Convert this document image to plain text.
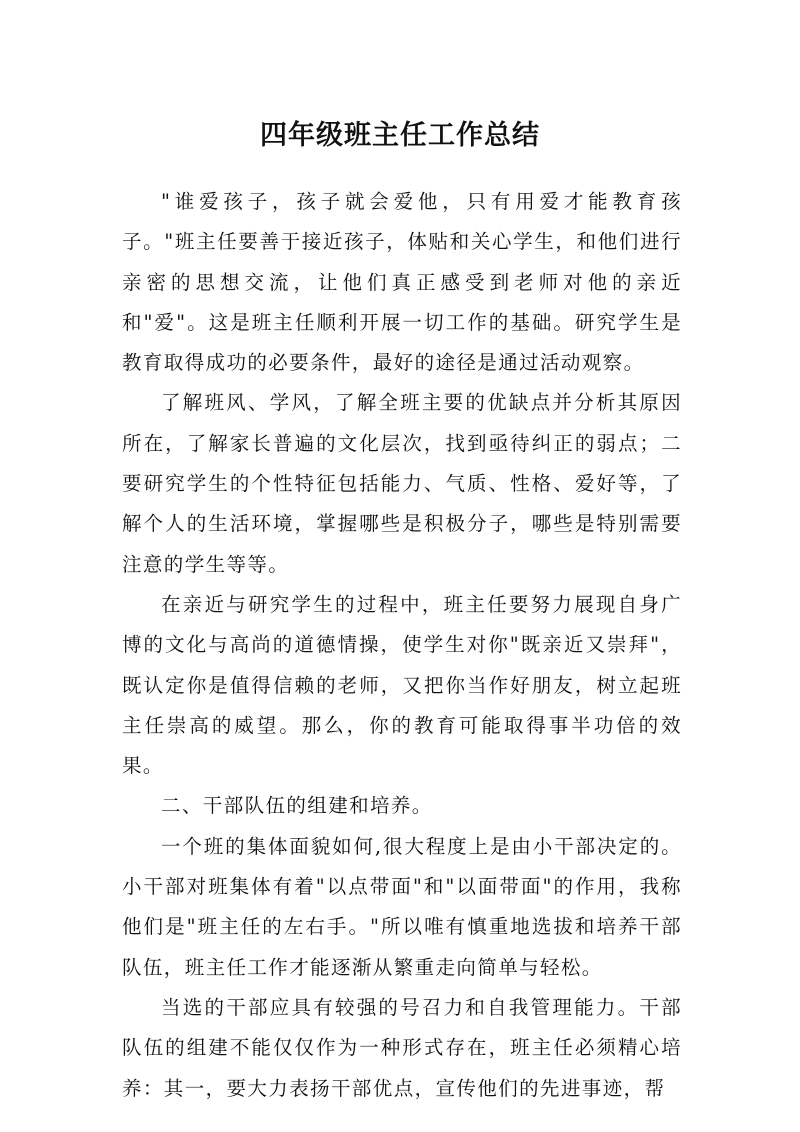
四年级班主任工作总结

"谁爱孩子，孩子就会爱他，只有用爱才能教育孩子。"班主任要善于接近孩子，体贴和关心学生，和他们进行亲密的思想交流，让他们真正感受到老师对他的亲近和"爱"。这是班主任顺利开展一切工作的基础。研究学生是教育取得成功的必要条件，最好的途径是通过活动观察。

了解班风、学风，了解全班主要的优缺点并分析其原因所在，了解家长普遍的文化层次，找到亟待纠正的弱点；二要研究学生的个性特征包括能力、气质、性格、爱好等，了解个人的生活环境，掌握哪些是积极分子，哪些是特别需要注意的学生等等。

在亲近与研究学生的过程中，班主任要努力展现自身广博的文化与高尚的道德情操，使学生对你"既亲近又崇拜"，既认定你是值得信赖的老师，又把你当作好朋友，树立起班主任崇高的威望。那么，你的教育可能取得事半功倍的效果。

二、干部队伍的组建和培养。

一个班的集体面貌如何,很大程度上是由小干部决定的。小干部对班集体有着"以点带面"和"以面带面"的作用，我称他们是"班主任的左右手。"所以唯有慎重地选拔和培养干部队伍，班主任工作才能逐渐从繁重走向简单与轻松。

当选的干部应具有较强的号召力和自我管理能力。干部队伍的组建不能仅仅作为一种形式存在，班主任必须精心培养：其一，要大力表扬干部优点，宣传他们的先进事迹，帮
